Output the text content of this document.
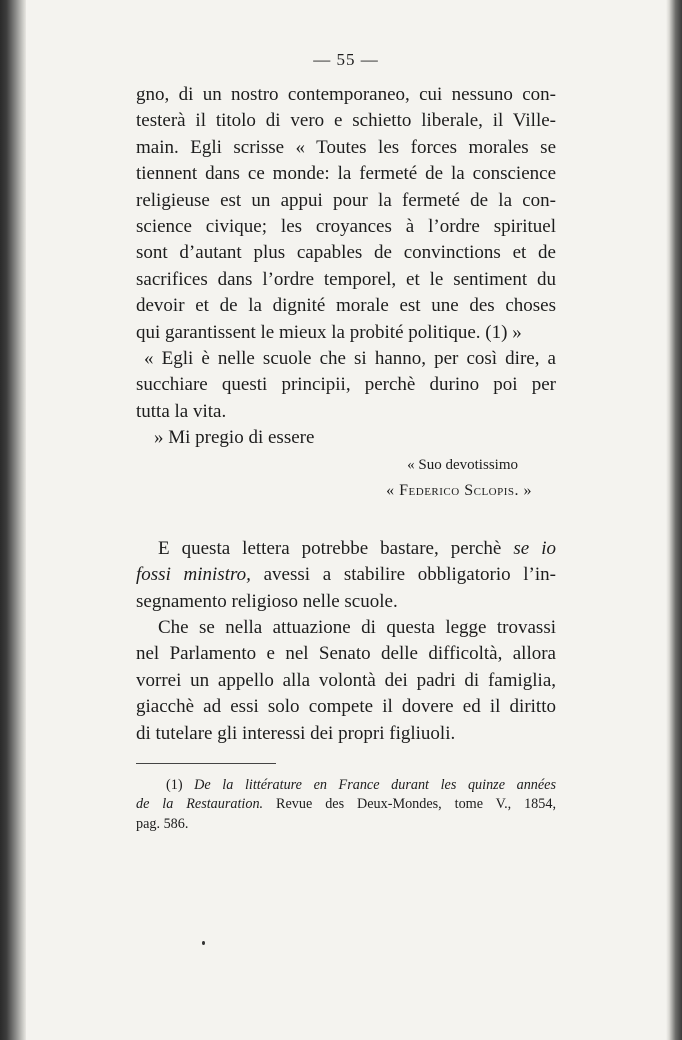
— 55 —

gno, di un nostro contemporaneo, cui nessuno con-
testerà il titolo di vero e schietto liberale, il Ville-
main. Egli scrisse « Toutes les forces morales se
tiennent dans ce monde: la fermeté de la conscience
religieuse est un appui pour la fermeté de la con-
science civique; les croyances à l’ordre spirituel
sont d’autant plus capables de convinctions et de
sacrifices dans l’ordre temporel, et le sentiment du
devoir et de la dignité morale est une des choses
qui garantissent le mieux la probité politique. (1) »

« Egli è nelle scuole che si hanno, per così dire, a
succhiare questi principii, perchè durino poi per
tutta la vita.

» Mi pregio di essere

« Suo devotissimo
« Federico Sclopis. »

E questa lettera potrebbe bastare, perchè se io
fossi ministro, avessi a stabilire obbligatorio l’in-
segnamento religioso nelle scuole.

Che se nella attuazione di questa legge trovassi
nel Parlamento e nel Senato delle difficoltà, allora
vorrei un appello alla volontà dei padri di famiglia,
giacchè ad essi solo compete il dovere ed il diritto
di tutelare gli interessi dei propri figliuoli.

(1) De la littérature en France durant les quinze années
de la Restauration. Revue des Deux-Mondes, tome V., 1854,
pag. 586.
